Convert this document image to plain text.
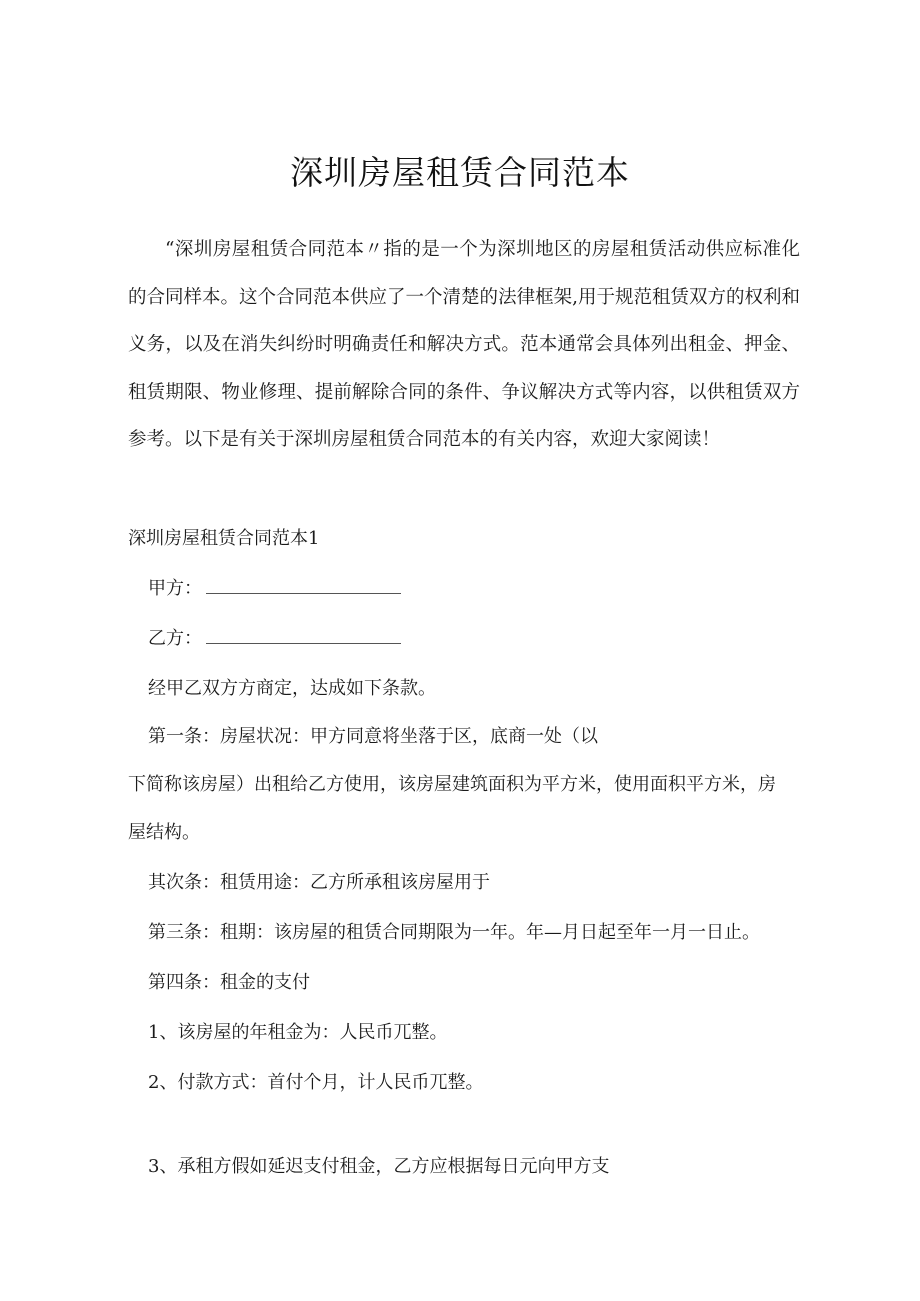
深圳房屋租赁合同范本
“深圳房屋租赁合同范本〃指的是一个为深圳地区的房屋租赁活动供应标准化的合同样本。这个合同范本供应了一个清楚的法律框架,用于规范租赁双方的权利和义务，以及在消失纠纷时明确责任和解决方式。范本通常会具体列出租金、押金、租赁期限、物业修理、提前解除合同的条件、争议解决方式等内容，以供租赁双方参考。以下是有关于深圳房屋租赁合同范本的有关内容，欢迎大家阅读！
深圳房屋租赁合同范本1
甲方：
乙方：
经甲乙双方方商定，达成如下条款。
第一条：房屋状况：甲方同意将坐落于区，底商一处（以
下简称该房屋）出租给乙方使用，该房屋建筑面积为平方米，使用面积平方米，房
屋结构。
其次条：租赁用途：乙方所承租该房屋用于
第三条：租期：该房屋的租赁合同期限为一年。年—月日起至年一月一日止。
第四条：租金的支付
1、该房屋的年租金为：人民币兀整。
2、付款方式：首付个月，计人民币兀整。
3、承租方假如延迟支付租金，乙方应根据每日元向甲方支
